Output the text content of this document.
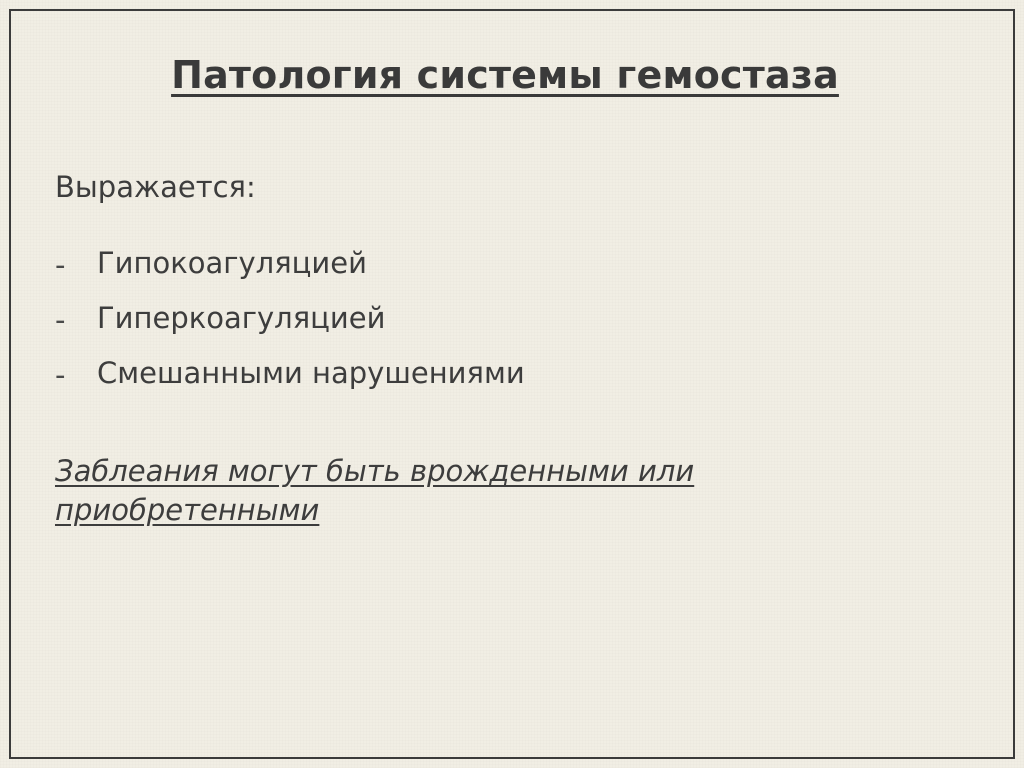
Патология системы гемостаза

Выражается:

-	Гипокоагуляцией
-	Гиперкоагуляцией
-	Смешанными нарушениями

Заблеания могут быть врожденными или
приобретенными
